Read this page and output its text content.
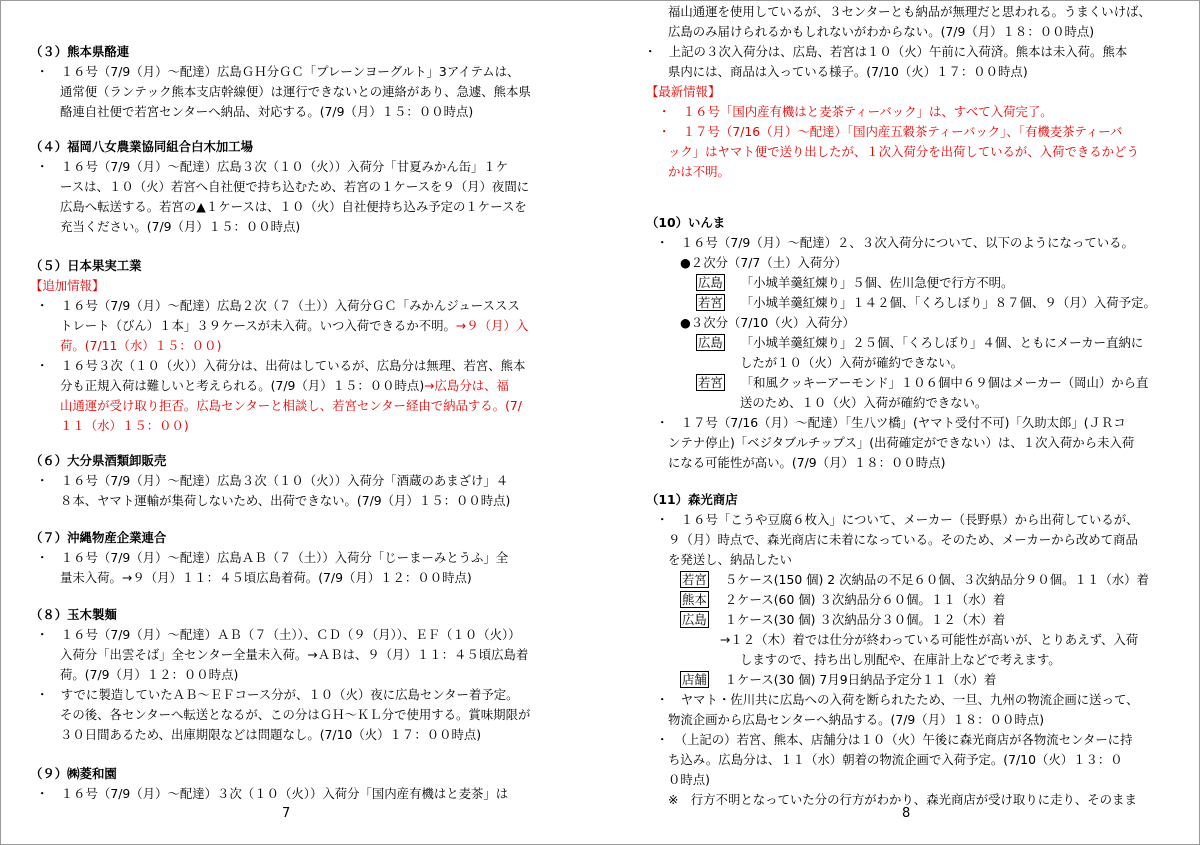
7
（３）熊本県酪連
・　１６号（7/9（月）～配達）広島ＧＨ分ＧＣ「プレーンヨーグルト」3アイテムは、
通常便（ランテック熊本支店幹線便）は運行できないとの連絡があり、急遽、熊本県
酪連自社便で若宮センターへ納品、対応する。(7/9（月）１５：００時点)
（４）福岡八女農業協同組合白木加工場
・　１６号（7/9（月）～配達）広島３次（１０（火））入荷分「甘夏みかん缶」１ケ
ースは、１０（火）若宮へ自社便で持ち込むため、若宮の１ケースを９（月）夜間に
広島へ転送する。若宮の▲１ケースは、１０（火）自社便持ち込み予定の１ケースを
充当ください。(7/9（月）１５：００時点)
（５）日本果実工業
【追加情報】
・　１６号（7/9（月）～配達）広島２次（７（土））入荷分ＧＣ「みかんジューススス
トレート（びん）１本」３９ケースが未入荷。いつ入荷できるか不明。→９（月）入
荷。(7/11（水）１５：００)
・　１６号３次（１０（火））入荷分は、出荷はしているが、広島分は無理、若宮、熊本
分も正規入荷は難しいと考えられる。(7/9（月）１５：００時点)→広島分は、福
山通運が受け取り拒否。広島センターと相談し、若宮センター経由で納品する。(7/
１１（水）１５：００)
（６）大分県酒類卸販売
・　１６号（7/9（月）～配達）広島３次（１０（火））入荷分「酒蔵のあまざけ」４
８本、ヤマト運輸が集荷しないため、出荷できない。(7/9（月）１５：００時点)
（７）沖縄物産企業連合
・　１６号（7/9（月）～配達）広島ＡＢ（７（土））入荷分「じーまーみとうふ」全
量未入荷。→９（月）１１：４５頃広島着荷。(7/9（月）１２：００時点)
（８）玉木製麺
・　１６号（7/9（月）～配達）ＡＢ（７（土））、ＣＤ（９（月））、ＥＦ（１０（火））
入荷分「出雲そば」全センター全量未入荷。→ＡＢは、９（月）１１：４５頃広島着
荷。(7/9（月）１２：００時点)
・　すでに製造していたＡＢ～ＥＦコース分が、１０（火）夜に広島センター着予定。
その後、各センターへ転送となるが、この分はＧＨ～ＫＬ分で使用する。賞味期限が
３０日間あるため、出庫期限などは問題なし。(7/10（火）１７：００時点)
（９）㈱菱和園
・　１６号（7/9（月）～配達）３次（１０（火））入荷分「国内産有機はと麦茶」は
8
福山通運を使用しているが、３センターとも納品が無理だと思われる。うまくいけば、
広島のみ届けられるかもしれないがわからない。(7/9（月）１８：００時点)
・　上記の３次入荷分は、広島、若宮は１０（火）午前に入荷済。熊本は未入荷。熊本
県内には、商品は入っている様子。(7/10（火）１７：００時点)
【最新情報】
・　１６号「国内産有機はと麦茶ティーバック」は、すべて入荷完了。
・　１７号（7/16（月）～配達）「国内産五穀茶ティーバック」、「有機麦茶ティーバ
ック」はヤマト便で送り出したが、１次入荷分を出荷しているが、入荷できるかどう
かは不明。
（10）いんま
・　１６号（7/9（月）～配達）２、３次入荷分について、以下のようになっている。
●２次分（7/7（土）入荷分）
広島 「小城羊羹紅煉り」５個、佐川急便で行方不明。
若宮 「小城羊羹紅煉り」１４２個、「くろしぼり」８７個、９（月）入荷予定。
●３次分（7/10（火）入荷分）
広島 「小城羊羹紅煉り」２５個、「くろしぼり」４個、ともにメーカー直納に
したが１０（火）入荷が確約できない。
若宮 「和風クッキーアーモンド」１０６個中６９個はメーカー（岡山）から直
送のため、１０（火）入荷が確約できない。
・　１７号（7/16（月）～配達）「生八ツ橋」(ヤマト受付不可)「久助太郎」(ＪＲコ
ンテナ停止)「ベジタブルチップス」(出荷確定ができない）は、１次入荷から未入荷
になる可能性が高い。(7/9（月）１８：００時点)
（11）森光商店
・　１６号「こうや豆腐６枚入」について、メーカー（長野県）から出荷しているが、
９（月）時点で、森光商店に未着になっている。そのため、メーカーから改めて商品
を発送し、納品したい
若宮 ５ケース(150 個) 2 次納品の不足６０個、３次納品分９０個。１１（水）着
熊本 ２ケース(60 個) ３次納品分６０個。１１（水）着
広島 １ケース(30 個) ３次納品分３０個。１２（木）着
→１２（木）着では仕分が終わっている可能性が高いが、とりあえず、入荷
しますので、持ち出し別配や、在庫計上などで考えます。
店舗 １ケース(30 個) 7月9日納品予定分１１（水）着
・　ヤマト・佐川共に広島への入荷を断られたため、一旦、九州の物流企画に送って、
物流企画から広島センターへ納品する。(7/9（月）１８：００時点)
・　（上記の）若宮、熊本、店舗分は１０（火）午後に森光商店が各物流センターに持
ち込み。広島分は、１１（水）朝着の物流企画で入荷予定。(7/10（火）１３：０
０時点)
※　行方不明となっていた分の行方がわかり、森光商店が受け取りに走り、そのまま
